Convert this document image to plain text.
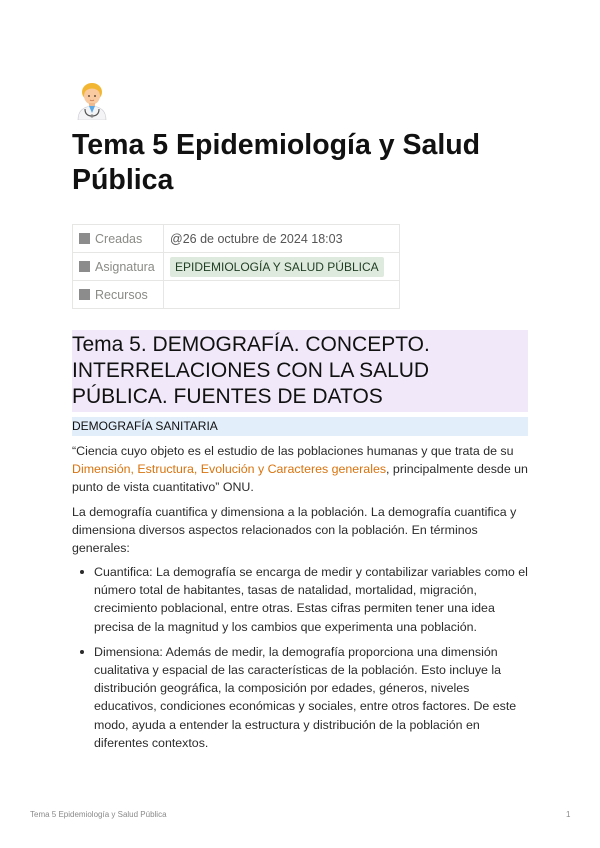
Tema 5 Epidemiología y Salud Pública
Creadas	@26 de octubre de 2024 18:03
Asignatura	EPIDEMIOLOGÍA Y SALUD PÚBLICA
Recursos	
Tema 5. DEMOGRAFÍA. CONCEPTO. INTERRELACIONES CON LA SALUD PÚBLICA. FUENTES DE DATOS
DEMOGRAFÍA SANITARIA

“Ciencia cuyo objeto es el estudio de las poblaciones humanas y que trata de su Dimensión, Estructura, Evolución y Caracteres generales, principalmente desde un punto de vista cuantitativo” ONU.

La demografía cuantifica y dimensiona a la población. La demografía cuantifica y dimensiona diversos aspectos relacionados con la población. En términos generales:

Cuantifica: La demografía se encarga de medir y contabilizar variables como el número total de habitantes, tasas de natalidad, mortalidad, migración, crecimiento poblacional, entre otras. Estas cifras permiten tener una idea precisa de la magnitud y los cambios que experimenta una población.
Dimensiona: Además de medir, la demografía proporciona una dimensión cualitativa y espacial de las características de la población. Esto incluye la distribución geográfica, la composición por edades, géneros, niveles educativos, condiciones económicas y sociales, entre otros factores. De este modo, ayuda a entender la estructura y distribución de la población en diferentes contextos.
Tema 5 Epidemiología y Salud Pública	1
